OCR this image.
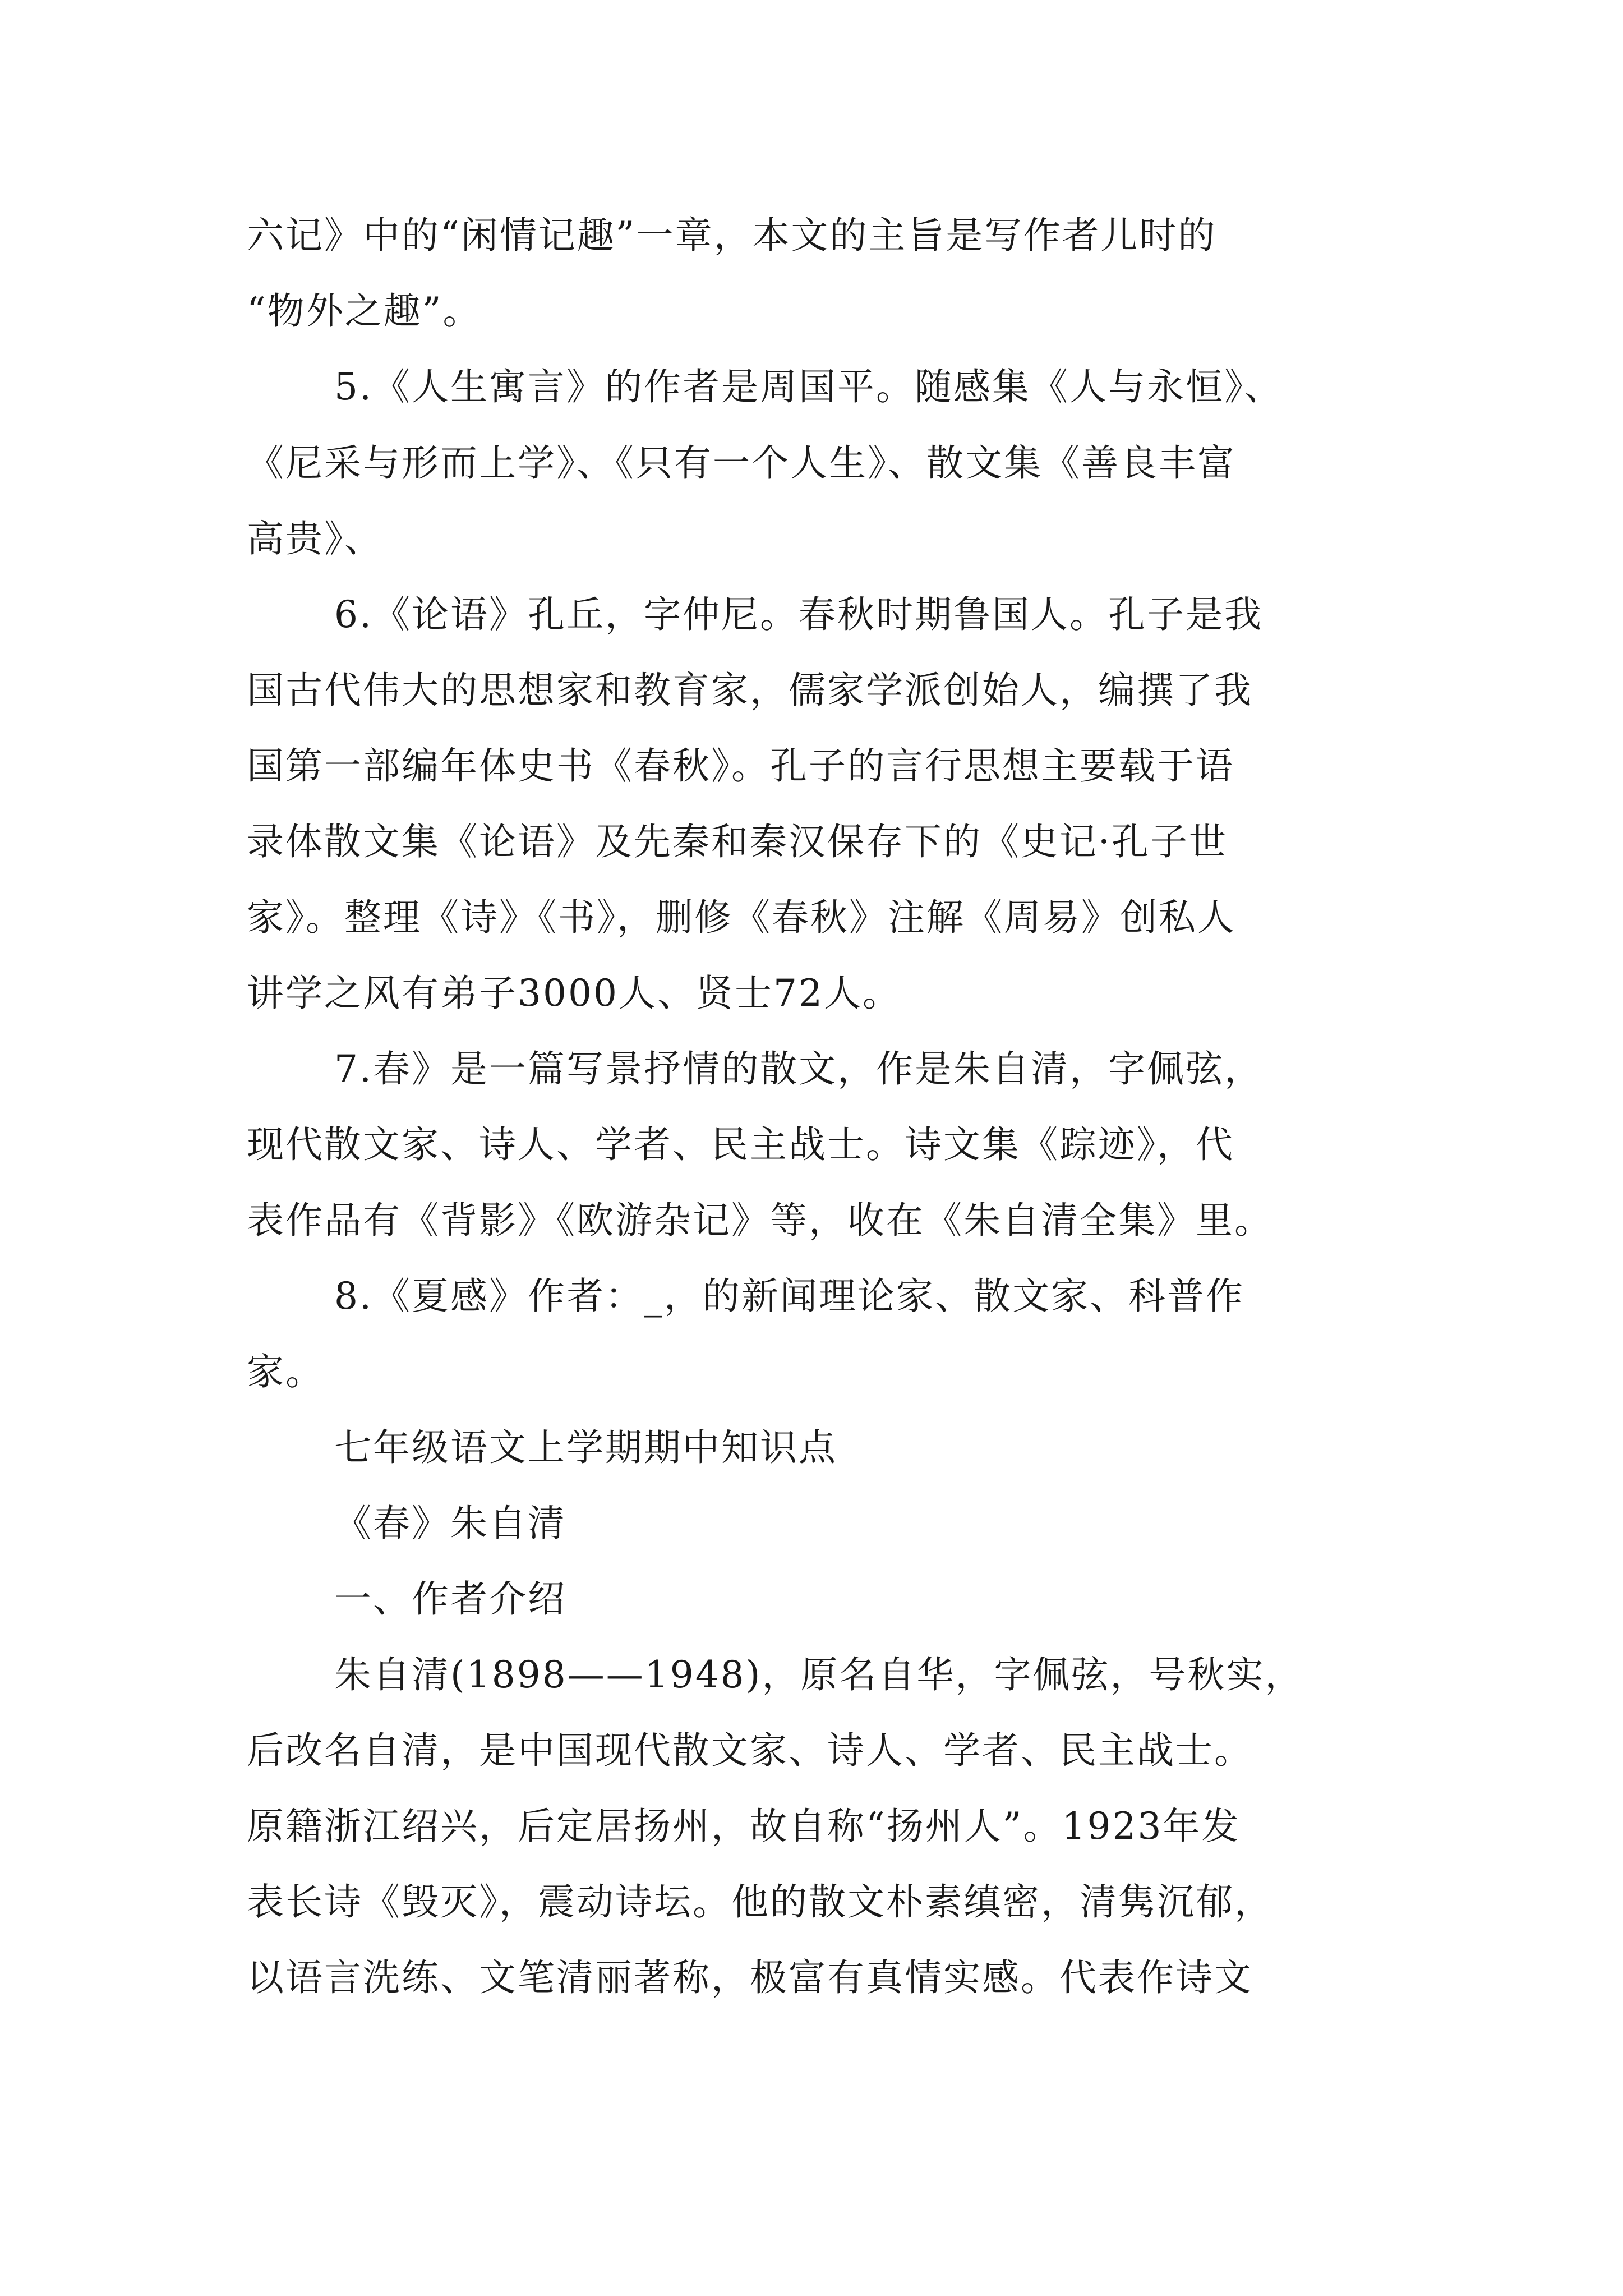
六记》中的“闲情记趣”一章，本文的主旨是写作者儿时的
“物外之趣”。
5.《人生寓言》的作者是周国平。随感集《人与永恒》、
《尼采与形而上学》、《只有一个人生》、散文集《善良丰富
高贵》、
6.《论语》孔丘，字仲尼。春秋时期鲁国人。孔子是我
国古代伟大的思想家和教育家，儒家学派创始人，编撰了我
国第一部编年体史书《春秋》。孔子的言行思想主要载于语
录体散文集《论语》及先秦和秦汉保存下的《史记·孔子世
家》。整理《诗》《书》，删修《春秋》注解《周易》创私人
讲学之风有弟子3000人、贤士72人。
7.春》是一篇写景抒情的散文，作是朱自清，字佩弦，
现代散文家、诗人、学者、民主战士。诗文集《踪迹》，代
表作品有《背影》《欧游杂记》等，收在《朱自清全集》里。
8.《夏感》作者：_，的新闻理论家、散文家、科普作
家。
七年级语文上学期期中知识点
《春》朱自清
一、作者介绍
朱自清(1898——1948)，原名自华，字佩弦，号秋实，
后改名自清，是中国现代散文家、诗人、学者、民主战士。
原籍浙江绍兴，后定居扬州，故自称“扬州人”。1923年发
表长诗《毁灭》，震动诗坛。他的散文朴素缜密，清隽沉郁，
以语言洗练、文笔清丽著称，极富有真情实感。代表作诗文
